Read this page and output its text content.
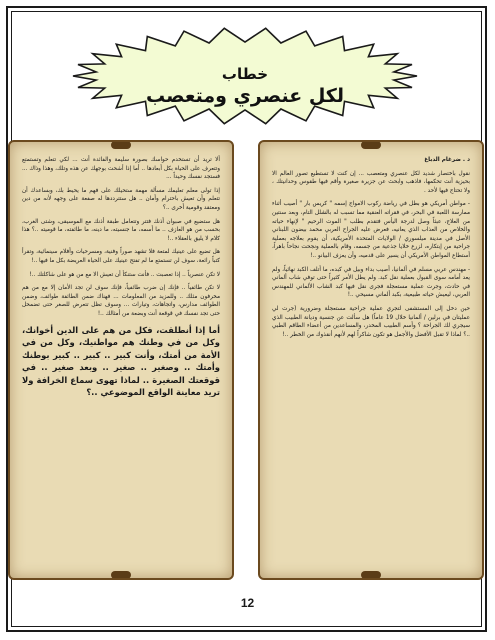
خطاب
لكل عنصري ومتعصب

د . ضرغام الدباغ

نقول باختصار شديد لكل عنصري ومتعصب ... إن كنت لا تستطيع تصور العالم الا بحيزية أنت تحكمها، فاذهب وابحث عن جزيرة صغيرة وأقم فيها طقوس وحدانيتك ، ولا تحتاج فيها لأحد .

- مواطن أمريكي هو بطل في رياضة ركوب الامواج إسمه " كريس بار " أصيب أثناء ممارسة اللعبة في البحر، في فقراته العنقية مما تسبب له بالشلل التام، وبعد سنتين من العلاج، عبثاً وصل لدرجة اليأس فتقدم بطلب " الموت الرحيم " لإنهاء حياته والخلاص من العذاب الذي يعانيه، فعرض عليه الجراح العربي محمد بيضون اللبناني الأصل في مدينة ميلسوري / الولايات المتحدة الأمريكية، أن يقوم بعلاجه بعملية جراحية من إبتكاره، لزرع خلايا جذعية من جسمه، وقام بالعملية ونجحت نجاحاً باهراً، أستطاع المواطن الأمريكي أن يسير على قدميه، وأن يعزف البيانو ..!

- مهندس عربي مسلم في ألمانيا، أصيب بداء وبيل في كبده، ما أتلف الكبد نهائياً، ولم يعد أمامه سوى القبول بعملية نقل كبد. ولم يطل الأمر كثيراً حتى توفي شاب ألماني في حادث، وجرت عملية مستعجلة فجرى نقل فيها كبد الشاب الألماني للمهندس العربي، ليعيش حياته طبيعية، بكبد ألماني مسيحي ..!

حين دخل إلى المستشفى لتجري عملية جراحية مستعجلة وضرورية (جرت لي عمليتان في برلين / ألمانيا خلال 19 عاماً) هل سألت عن جنسية وديانة الطبيب الذي سيجري لك الجراحة ؟ وأسم الطبيب المخدر، والمساعدين من أعضاء الطاقم الطبي ..؟ لماذا لا تقبل الأفضل والأجمل هو تكون شاكراً لهم لأنهم أنقذوك من الخطر ..!

ألا تريد أن تستخدم حواسك بصورة سليمة والفائدة أنت ... لكي تتعلم وتستمتع وتتعرف على الحياة بكل أبعادها .. أما إذا أشحت بوجهك عن هذه وتلك، وهذا وذاك ... فستجد نفسك وحيداً ...

إذا تولى معلم تعليمك مسألة مهمة ستحيلك على فهم ما يحيط بك، وبساعدك أن تتعلم وأن تعيش باحترام وأمان .. هل ستترددها له صفعة على وجهه لأنه من دين ومعتقد وقومية أخرى ..؟

هل ستضيع في صبوان أذنك فتتر وتتعامل طبقة أذنك مع الموسيقى، وشتى الغرب، بحسب من هو العازف .. ما أسمه، ما جنسيته، ما دينه، ما طائفته، ما قوميته ..؟ هذا كلام لا يليق بالعقلاء ..!

هل تضيع على عينيك لمتعة فلا تشهد صوراً وفنية، ومسرحيات وأفلام سينمائية، وتقرأ كتباً رائعة، سوف لن تستمتع ما لم تفتح عينيك على الحياة العريضة بكل ما فيها ..!

لا تكن عنصرياً .. إذا تعصبت .. فأنت ستنكأ أن تعيش الا مع من هو على شاكلتك ..!

لا تكن طائفياً .. فإنك إن ضرب طائفياً، فإنك سوف لن تجد الأمان إلا مع من هم مخرفون مثلك .. وللمزيد من المعلومات ... فهناك ضمن الطائفة طوائف، وضمن الطوائف مدارس، واتجاهات، وتيارات ... وسوف تظل تتعرض للصغر حتى تضمحل حتى تجد نفسك في قوقعة أنت وبضعة من أمثالك ..!

أما إذا أنطلقت، فكل من هم على الدين أخوانك، وكل من في وطنك هم مواطنيك، وكل من في الأمة من أمتك، وأنت كبير .. كبير .. كبير بوطنك وأمتك .. وصغير .. صغير .. وبعد صغير .. في قوقعتك الصغيرة .. لماذا تهوى سماع الخرافة ولا تريد معاينة الواقع الموضوعي ..؟

12
